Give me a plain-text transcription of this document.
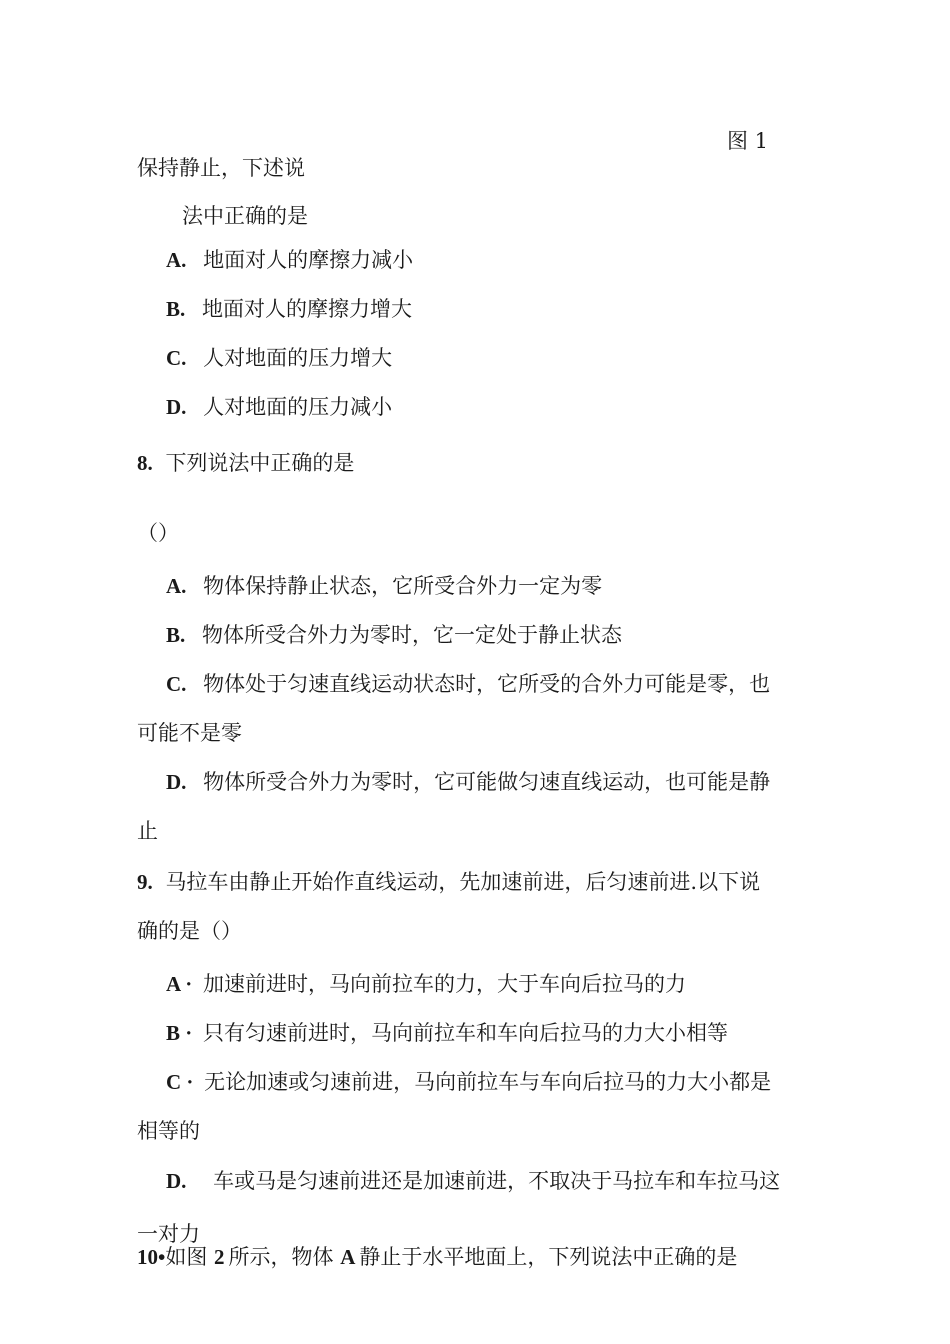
图 1
保持静止，下述说
法中正确的是
A. 地面对人的摩擦力减小
B. 地面对人的摩擦力增大
C. 人对地面的压力增大
D. 人对地面的压力减小
8. 下列说法中正确的是
（）
A. 物体保持静止状态，它所受合外力一定为零
B. 物体所受合外力为零时，它一定处于静止状态
C. 物体处于匀速直线运动状态时，它所受的合外力可能是零，也
可能不是零
D. 物体所受合外力为零时，它可能做匀速直线运动，也可能是静
止
9. 马拉车由静止开始作直线运动，先加速前进，后匀速前进.以下说
确的是（）
A · 加速前进时，马向前拉车的力，大于车向后拉马的力
B · 只有匀速前进时，马向前拉车和车向后拉马的力大小相等
C · 无论加速或匀速前进，马向前拉车与车向后拉马的力大小都是
相等的
D. 车或马是匀速前进还是加速前进，不取决于马拉车和车拉马这
一对力
10•如图 2 所示，物体 A 静止于水平地面上，下列说法中正确的是
